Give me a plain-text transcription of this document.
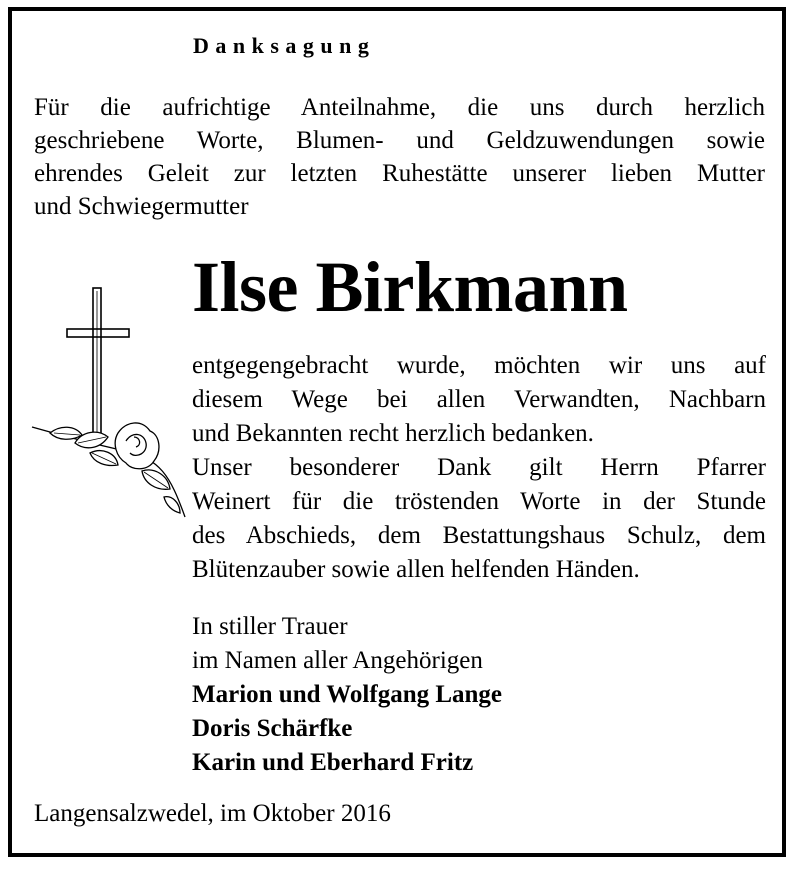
Danksagung
Für die aufrichtige Anteilnahme, die uns durch herzlich
geschriebene Worte, Blumen- und Geldzuwendungen sowie
ehrendes Geleit zur letzten Ruhestätte unserer lieben Mutter
und Schwiegermutter
Ilse Birkmann
entgegengebracht wurde, möchten wir uns auf
diesem Wege bei allen Verwandten, Nachbarn
und Bekannten recht herzlich bedanken.
Unser besonderer Dank gilt Herrn Pfarrer
Weinert für die tröstenden Worte in der Stunde
des Abschieds, dem Bestattungshaus Schulz, dem
Blütenzauber sowie allen helfenden Händen.
In stiller Trauer
im Namen aller Angehörigen
Marion und Wolfgang Lange
Doris Schärfke
Karin und Eberhard Fritz
Langensalzwedel, im Oktober 2016
